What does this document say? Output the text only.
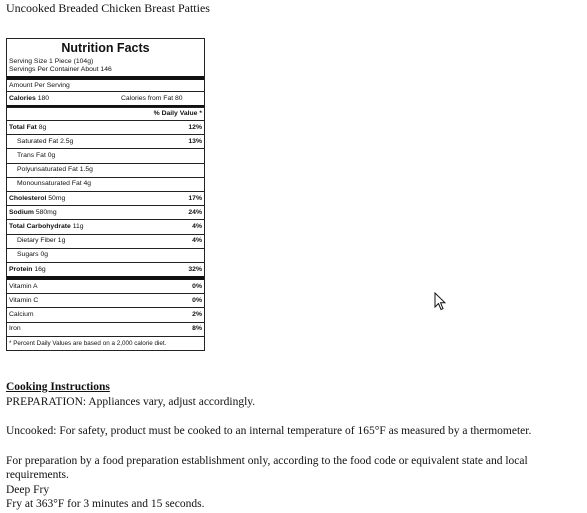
Uncooked Breaded Chicken Breast Patties
Nutrition Facts
Serving Size 1 Piece (104g)
Servings Per Container About 146
Amount Per Serving
Calories 180	Calories from Fat 80
% Daily Value *
Total Fat 8g	12%
Saturated Fat 2.5g	13%
Trans Fat 0g
Polyunsaturated Fat 1.5g
Monounsaturated Fat 4g
Cholesterol 50mg	17%
Sodium 580mg	24%
Total Carbohydrate 11g	4%
Dietary Fiber 1g	4%
Sugars 0g
Protein 16g	32%
Vitamin A	0%
Vitamin C	0%
Calcium	2%
Iron	8%
* Percent Daily Values are based on a 2,000 calorie diet.

Cooking Instructions

PREPARATION: Appliances vary, adjust accordingly.

Uncooked: For safety, product must be cooked to an internal temperature of 165°F as measured by a thermometer.

For preparation by a food preparation establishment only, according to the food code or equivalent state and local requirements.

Deep Fry

Fry at 363°F for 3 minutes and 15 seconds.
